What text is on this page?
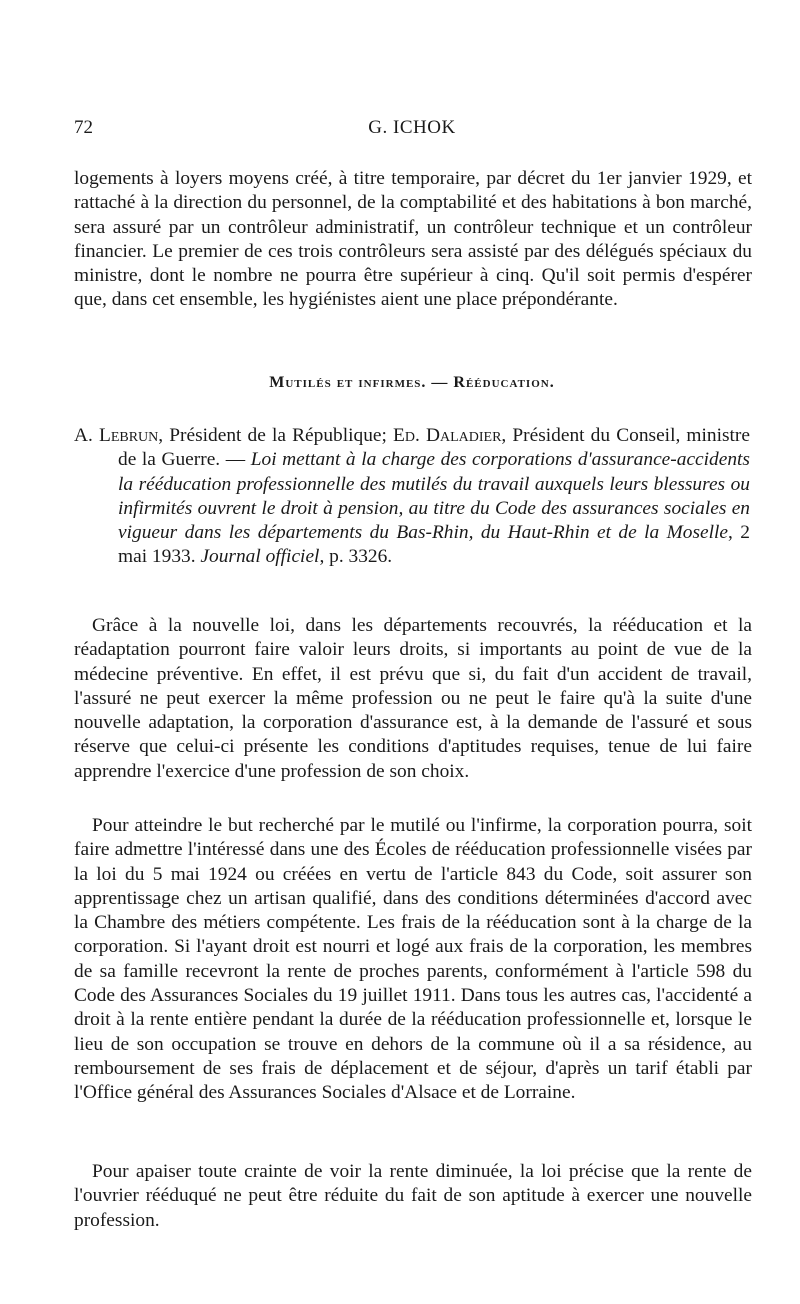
72	G. ICHOK

logements à loyers moyens créé, à titre temporaire, par décret du 1er janvier 1929, et rattaché à la direction du personnel, de la comptabilité et des habitations à bon marché, sera assuré par un contrôleur administratif, un contrôleur technique et un contrôleur financier. Le premier de ces trois contrôleurs sera assisté par des délégués spéciaux du ministre, dont le nombre ne pourra être supérieur à cinq. Qu'il soit permis d'espérer que, dans cet ensemble, les hygiénistes aient une place prépondérante.

Mutilés et infirmes. — Rééducation.

A. Lebrun, Président de la République; Ed. Daladier, Président du Conseil, ministre de la Guerre. — Loi mettant à la charge des corporations d'assurance-accidents la rééducation professionnelle des mutilés du travail auxquels leurs blessures ou infirmités ouvrent le droit à pension, au titre du Code des assurances sociales en vigueur dans les départements du Bas-Rhin, du Haut-Rhin et de la Moselle, 2 mai 1933. Journal officiel, p. 3326.

Grâce à la nouvelle loi, dans les départements recouvrés, la rééducation et la réadaptation pourront faire valoir leurs droits, si importants au point de vue de la médecine préventive. En effet, il est prévu que si, du fait d'un accident de travail, l'assuré ne peut exercer la même profession ou ne peut le faire qu'à la suite d'une nouvelle adaptation, la corporation d'assurance est, à la demande de l'assuré et sous réserve que celui-ci présente les conditions d'aptitudes requises, tenue de lui faire apprendre l'exercice d'une profession de son choix.

Pour atteindre le but recherché par le mutilé ou l'infirme, la corporation pourra, soit faire admettre l'intéressé dans une des Écoles de rééducation professionnelle visées par la loi du 5 mai 1924 ou créées en vertu de l'article 843 du Code, soit assurer son apprentissage chez un artisan qualifié, dans des conditions déterminées d'accord avec la Chambre des métiers compétente. Les frais de la rééducation sont à la charge de la corporation. Si l'ayant droit est nourri et logé aux frais de la corporation, les membres de sa famille recevront la rente de proches parents, conformément à l'article 598 du Code des Assurances Sociales du 19 juillet 1911. Dans tous les autres cas, l'accidenté a droit à la rente entière pendant la durée de la rééducation professionnelle et, lorsque le lieu de son occupation se trouve en dehors de la commune où il a sa résidence, au remboursement de ses frais de déplacement et de séjour, d'après un tarif établi par l'Office général des Assurances Sociales d'Alsace et de Lorraine.

Pour apaiser toute crainte de voir la rente diminuée, la loi précise que la rente de l'ouvrier rééduqué ne peut être réduite du fait de son aptitude à exercer une nouvelle profession.
